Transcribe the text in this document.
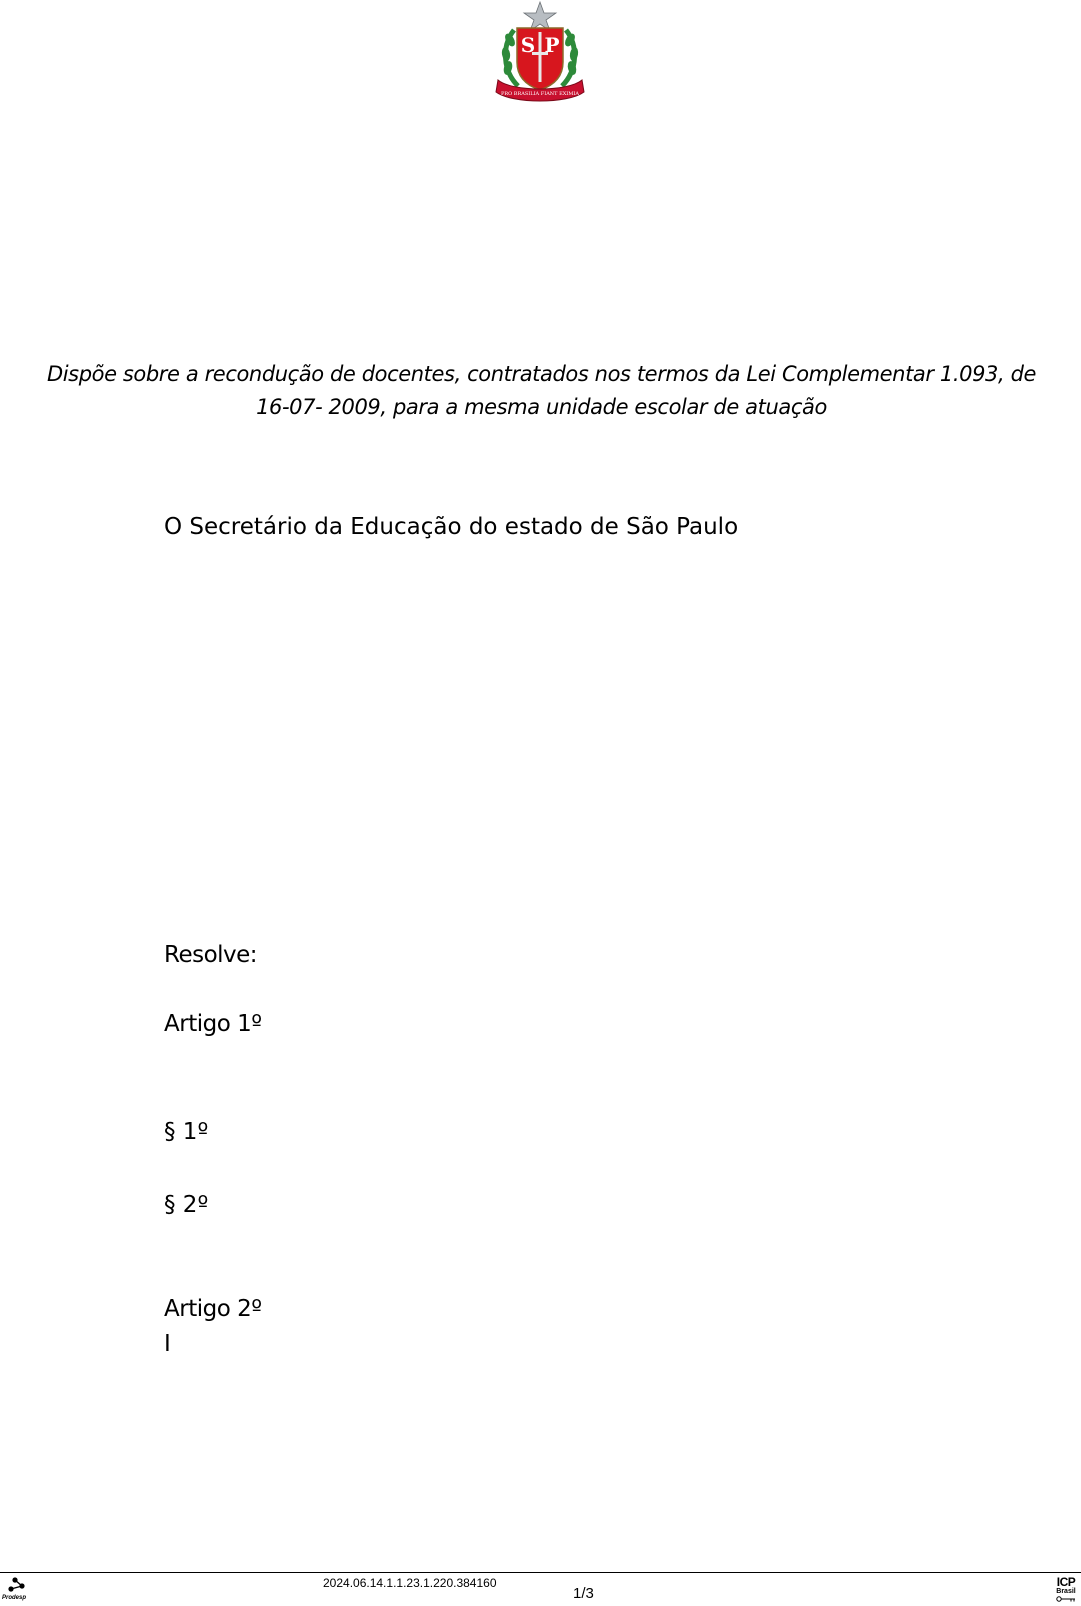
S P
PRO BRASILIA FIANT EXIMIA
Dispõe sobre a recondução de docentes, contratados nos termos da Lei Complementar 1.093, de 16-07- 2009, para a mesma unidade escolar de atuação
O Secretário da Educação do estado de São Paulo
Resolve:
Artigo 1º
§ 1º
§ 2º
Artigo 2º
I
Prodesp
2024.06.14.1.1.23.1.220.384160
1/3
ICP
Brasil
